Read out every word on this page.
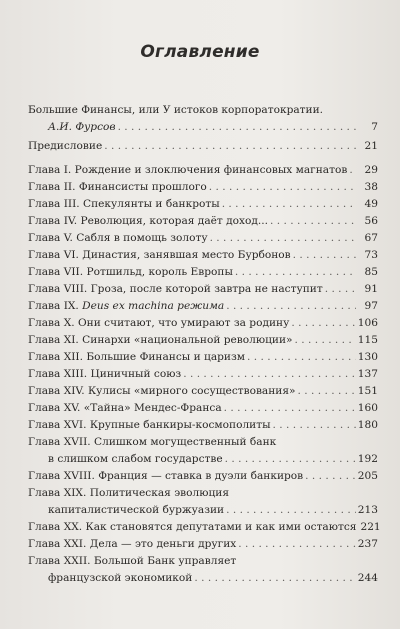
Оглавление
Большие Финансы, или У истоков корпоратократии.
А.И. Фурсов . . .	7
Предисловие . . .	21
Глава I. Рождение и злоключения финансовых магнатов . . .	29
Глава II. Финансисты прошлого . . .	38
Глава III. Спекулянты и банкроты . . .	49
Глава IV. Революция, которая даёт доход... . . .	56
Глава V. Сабля в помощь золоту . . .	67
Глава VI. Династия, занявшая место Бурбонов . . .	73
Глава VII. Ротшильд, король Европы . . .	85
Глава VIII. Гроза, после которой завтра не наступит . . .	91
Глава IX. Deus ex machina режима . . .	97
Глава X. Они считают, что умирают за родину . . .	106
Глава XI. Синархи «национальной революции» . . .	115
Глава XII. Большие Финансы и царизм . . .	130
Глава XIII. Циничный союз . . .	137
Глава XIV. Кулисы «мирного сосуществования» . . .	151
Глава XV. «Тайна» Мендес-Франса . . .	160
Глава XVI. Крупные банкиры-космополиты . . .	180
Глава XVII. Слишком могущественный банк
в слишком слабом государстве . . .	192
Глава XVIII. Франция — ставка в дуэли банкиров . . .	205
Глава XIX. Политическая эволюция
капиталистической буржуазии . . .	213
Глава XX. Как становятся депутатами и как ими остаются 221
Глава XXI. Дела — это деньги других . . .	237
Глава XXII. Большой Банк управляет
французской экономикой . . .	244
